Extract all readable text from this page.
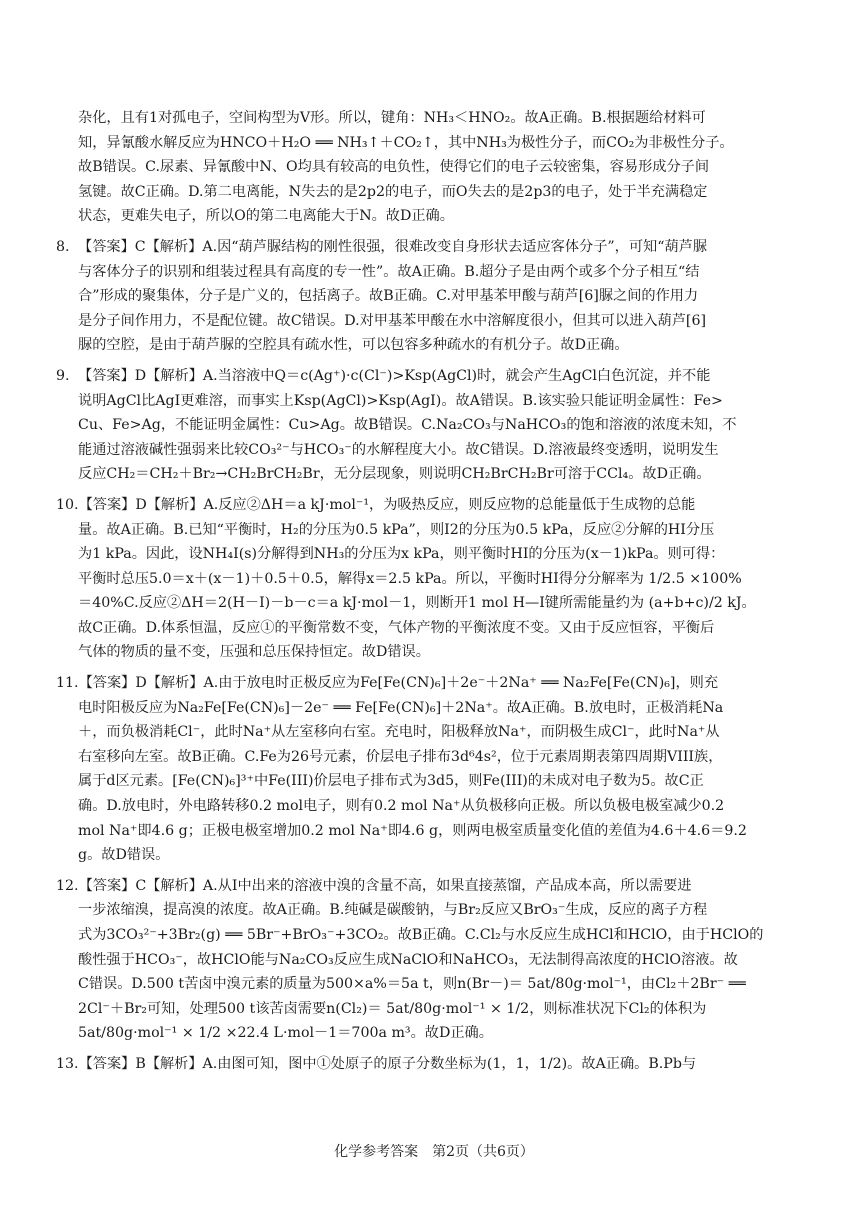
杂化，且有1对孤电子，空间构型为V形。所以，键角：NH₃＜HNO₂。故A正确。B.根据题给材料可
知，异氰酸水解反应为HNCO＋H₂O ══ NH₃↑＋CO₂↑，其中NH₃为极性分子，而CO₂为非极性分子。
故B错误。C.尿素、异氰酸中N、O均具有较高的电负性，使得它们的电子云较密集，容易形成分子间
氢键。故C正确。D.第二电离能，N失去的是2p2的电子，而O失去的是2p3的电子，处于半充满稳定
状态，更难失电子，所以O的第二电离能大于N。故D正确。
8. 【答案】C【解析】A.因“葫芦脲结构的刚性很强，很难改变自身形状去适应客体分子”，可知“葫芦脲
与客体分子的识别和组装过程具有高度的专一性”。故A正确。B.超分子是由两个或多个分子相互“结
合”形成的聚集体，分子是广义的，包括离子。故B正确。C.对甲基苯甲酸与葫芦[6]脲之间的作用力
是分子间作用力，不是配位键。故C错误。D.对甲基苯甲酸在水中溶解度很小，但其可以进入葫芦[6]
脲的空腔，是由于葫芦脲的空腔具有疏水性，可以包容多种疏水的有机分子。故D正确。
9. 【答案】D【解析】A.当溶液中Q＝c(Ag⁺)·c(Cl⁻)>Ksp(AgCl)时，就会产生AgCl白色沉淀，并不能
说明AgCl比AgI更难溶，而事实上Ksp(AgCl)>Ksp(AgI)。故A错误。B.该实验只能证明金属性：Fe>
Cu、Fe>Ag，不能证明金属性：Cu>Ag。故B错误。C.Na₂CO₃与NaHCO₃的饱和溶液的浓度未知，不
能通过溶液碱性强弱来比较CO₃²⁻与HCO₃⁻的水解程度大小。故C错误。D.溶液最终变透明，说明发生
反应CH₂＝CH₂＋Br₂→CH₂BrCH₂Br，无分层现象，则说明CH₂BrCH₂Br可溶于CCl₄。故D正确。
10.【答案】D【解析】A.反应②ΔH＝a kJ·mol⁻¹，为吸热反应，则反应物的总能量低于生成物的总能
量。故A正确。B.已知“平衡时，H₂的分压为0.5 kPa”，则I2的分压为0.5 kPa，反应②分解的HI分压
为1 kPa。因此，设NH₄I(s)分解得到NH₃的分压为x kPa，则平衡时HI的分压为(x－1)kPa。则可得：
平衡时总压5.0＝x＋(x－1)＋0.5＋0.5，解得x＝2.5 kPa。所以，平衡时HI得分分解率为 1/2.5 ×100%
＝40%C.反应②ΔH＝2(H－I)－b－c＝a kJ·mol－1，则断开1 mol H—I键所需能量约为 (a+b+c)/2 kJ。
故C正确。D.体系恒温，反应①的平衡常数不变，气体产物的平衡浓度不变。又由于反应恒容，平衡后
气体的物质的量不变，压强和总压保持恒定。故D错误。
11.【答案】D【解析】A.由于放电时正极反应为Fe[Fe(CN)₆]＋2e⁻＋2Na⁺ ══ Na₂Fe[Fe(CN)₆]，则充
电时阳极反应为Na₂Fe[Fe(CN)₆]－2e⁻ ══ Fe[Fe(CN)₆]＋2Na⁺。故A正确。B.放电时，正极消耗Na
＋，而负极消耗Cl⁻，此时Na⁺从左室移向右室。充电时，阳极释放Na⁺，而阴极生成Cl⁻，此时Na⁺从
右室移向左室。故B正确。C.Fe为26号元素，价层电子排布3d⁶4s²，位于元素周期表第四周期VIII族，
属于d区元素。[Fe(CN)₆]³⁺中Fe(III)价层电子排布式为3d5，则Fe(III)的未成对电子数为5。故C正
确。D.放电时，外电路转移0.2 mol电子，则有0.2 mol Na⁺从负极移向正极。所以负极电极室减少0.2
mol Na⁺即4.6 g；正极电极室增加0.2 mol Na⁺即4.6 g，则两电极室质量变化值的差值为4.6＋4.6＝9.2
g。故D错误。
12.【答案】C【解析】A.从I中出来的溶液中溴的含量不高，如果直接蒸馏，产品成本高，所以需要进
一步浓缩溴，提高溴的浓度。故A正确。B.纯碱是碳酸钠，与Br₂反应又BrO₃⁻生成，反应的离子方程
式为3CO₃²⁻+3Br₂(g) ══ 5Br⁻+BrO₃⁻+3CO₂。故B正确。C.Cl₂与水反应生成HCl和HClO，由于HClO的
酸性强于HCO₃⁻，故HClO能与Na₂CO₃反应生成NaClO和NaHCO₃，无法制得高浓度的HClO溶液。故
C错误。D.500 t苦卤中溴元素的质量为500×a%＝5a t，则n(Br－)＝ 5at/80g·mol⁻¹，由Cl₂＋2Br⁻ ══
2Cl⁻＋Br₂可知，处理500 t该苦卤需要n(Cl₂)＝ 5at/80g·mol⁻¹ × 1/2，则标准状况下Cl₂的体积为
5at/80g·mol⁻¹ × 1/2 ×22.4 L·mol－1＝700a m³。故D正确。
13.【答案】B【解析】A.由图可知，图中①处原子的原子分数坐标为(1，1，1/2)。故A正确。B.Pb与
化学参考答案　第2页（共6页）
